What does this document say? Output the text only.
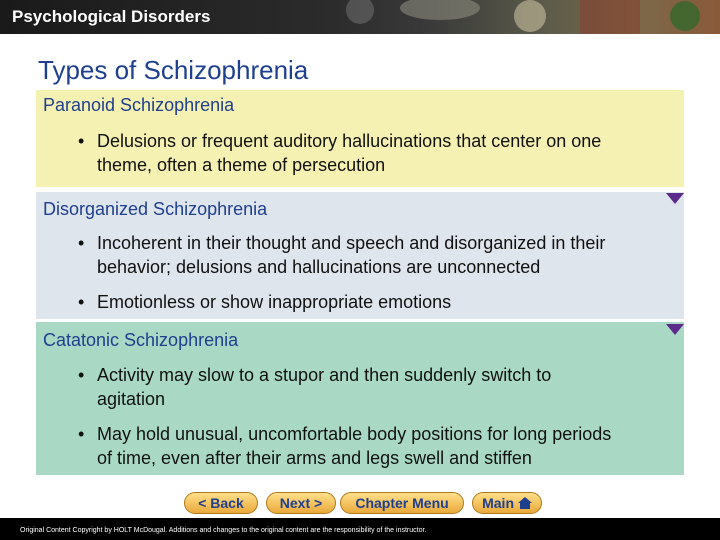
Psychological Disorders
Types of Schizophrenia
Paranoid Schizophrenia
• Delusions or frequent auditory hallucinations that center on one
theme, often a theme of persecution
Disorganized Schizophrenia
• Incoherent in their thought and speech and disorganized in their
behavior; delusions and hallucinations are unconnected
• Emotionless or show inappropriate emotions
Catatonic Schizophrenia
• Activity may slow to a stupor and then suddenly switch to
agitation
• May hold unusual, uncomfortable body positions for long periods
of time, even after their arms and legs swell and stiffen
< Back	Next >	Chapter Menu	Main
Original Content Copyright by HOLT McDougal. Additions and changes to the original content are the responsibility of the instructor.
